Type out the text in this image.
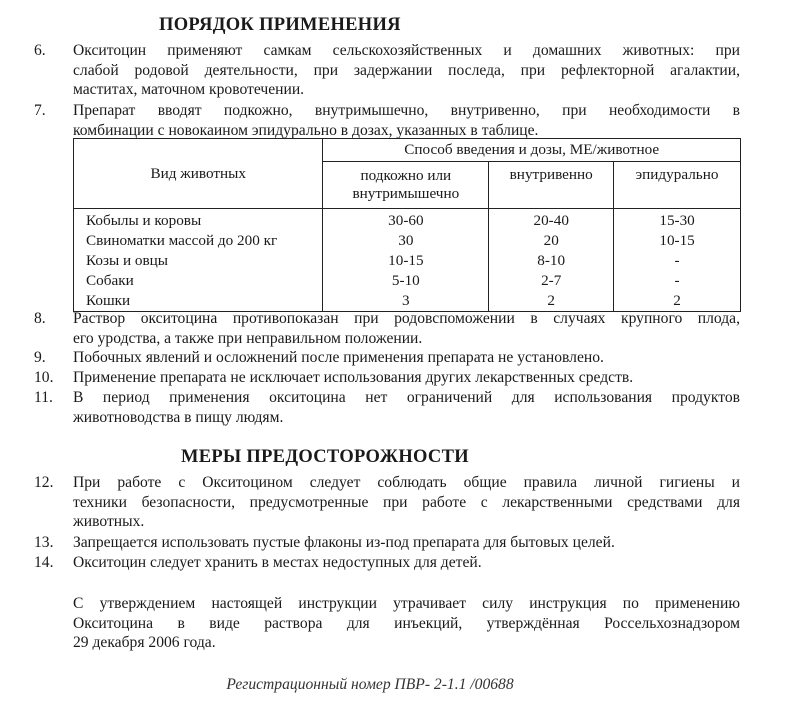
ПОРЯДОК ПРИМЕНЕНИЯ
6. Окситоцин применяют самкам сельскохозяйственных и домашних животных: при
слабой родовой деятельности, при задержании последа, при рефлекторной агалактии,
маститах, маточном кровотечении.
7. Препарат вводят подкожно, внутримышечно, внутривенно, при необходимости в
комбинации с новокаином эпидурально в дозах, указанных в таблице.
Вид животных	Способ введения и дозы, МЕ/животное		
	подкожно или внутримышечно	внутривенно	эпидурально
Кобылы и коровы	30-60	20-40	15-30
Свиноматки массой до 200 кг	30	20	10-15
Козы и овцы	10-15	8-10	-
Собаки	5-10	2-7	-
Кошки	3	2	2
8. Раствор окситоцина противопоказан при родовспоможении в случаях крупного плода,
его уродства, а также при неправильном положении.
9. Побочных явлений и осложнений после применения препарата не установлено.
10. Применение препарата не исключает использования других лекарственных средств.
11. В период применения окситоцина нет ограничений для использования продуктов
животноводства в пищу людям.
МЕРЫ ПРЕДОСТОРОЖНОСТИ
12. При работе с Окситоцином следует соблюдать общие правила личной гигиены и
техники безопасности, предусмотренные при работе с лекарственными средствами для
животных.
13. Запрещается использовать пустые флаконы из-под препарата для бытовых целей.
14. Окситоцин следует хранить в местах недоступных для детей.
С утверждением настоящей инструкции утрачивает силу инструкция по применению
Окситоцина в виде раствора для инъекций, утверждённая Россельхознадзором
29 декабря 2006 года.
Регистрационный номер ПВР- 2-1.1 /00688
